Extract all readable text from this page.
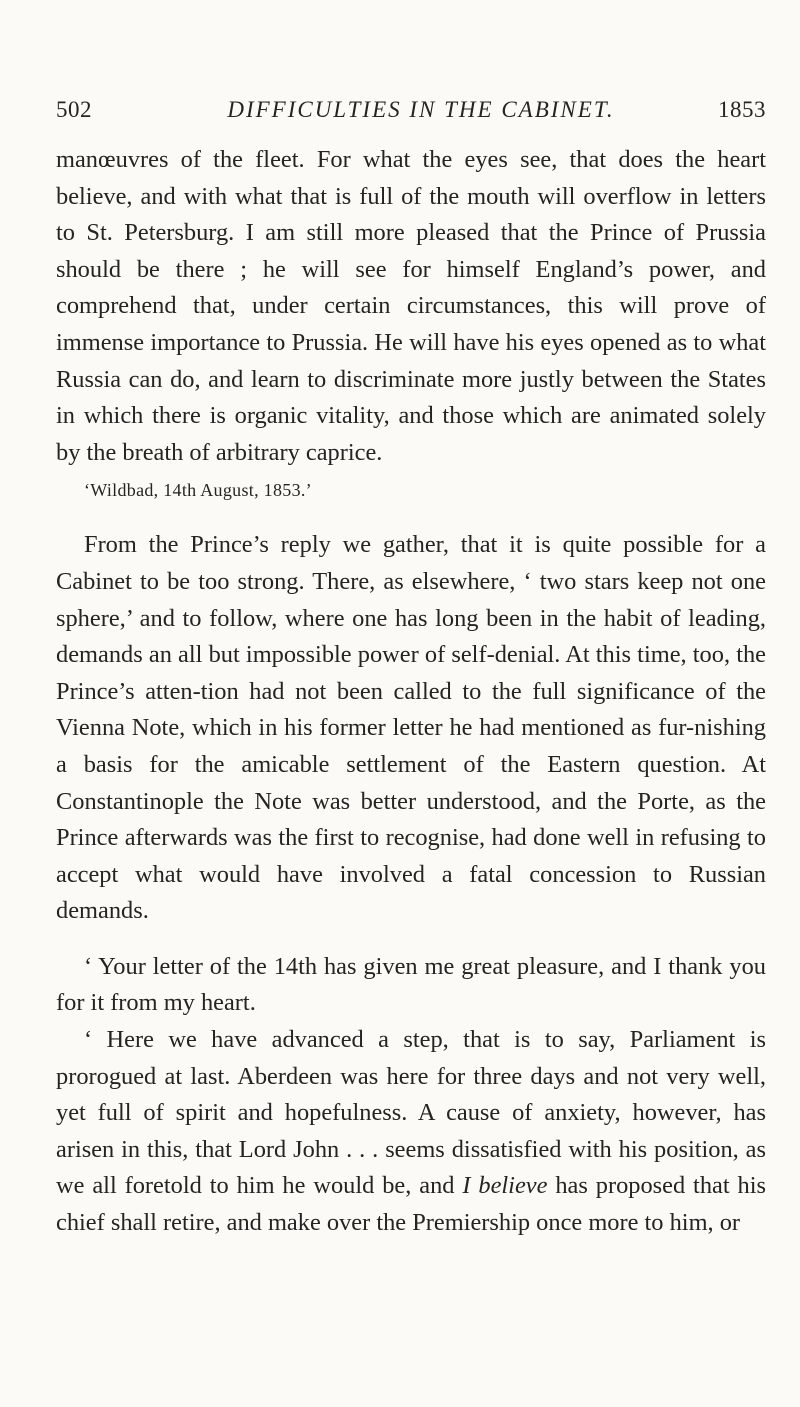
502	DIFFICULTIES IN THE CABINET.	1853

manœuvres of the fleet. For what the eyes see, that does the heart believe, and with what that is full of the mouth will overflow in letters to St. Petersburg. I am still more pleased that the Prince of Prussia should be there ; he will see for himself England’s power, and comprehend that, under certain circumstances, this will prove of immense importance to Prussia. He will have his eyes opened as to what Russia can do, and learn to discriminate more justly between the States in which there is organic vitality, and those which are animated solely by the breath of arbitrary caprice.

‘Wildbad, 14th August, 1853.’

From the Prince’s reply we gather, that it is quite possible for a Cabinet to be too strong. There, as elsewhere, ‘ two stars keep not one sphere,’ and to follow, where one has long been in the habit of leading, demands an all but impossible power of self-denial. At this time, too, the Prince’s atten-tion had not been called to the full significance of the Vienna Note, which in his former letter he had mentioned as fur-nishing a basis for the amicable settlement of the Eastern question. At Constantinople the Note was better understood, and the Porte, as the Prince afterwards was the first to recognise, had done well in refusing to accept what would have involved a fatal concession to Russian demands.

‘ Your letter of the 14th has given me great pleasure, and I thank you for it from my heart.

‘ Here we have advanced a step, that is to say, Parliament is prorogued at last. Aberdeen was here for three days and not very well, yet full of spirit and hopefulness. A cause of anxiety, however, has arisen in this, that Lord John . . . seems dissatisfied with his position, as we all foretold to him he would be, and I believe has proposed that his chief shall retire, and make over the Premiership once more to him, or
